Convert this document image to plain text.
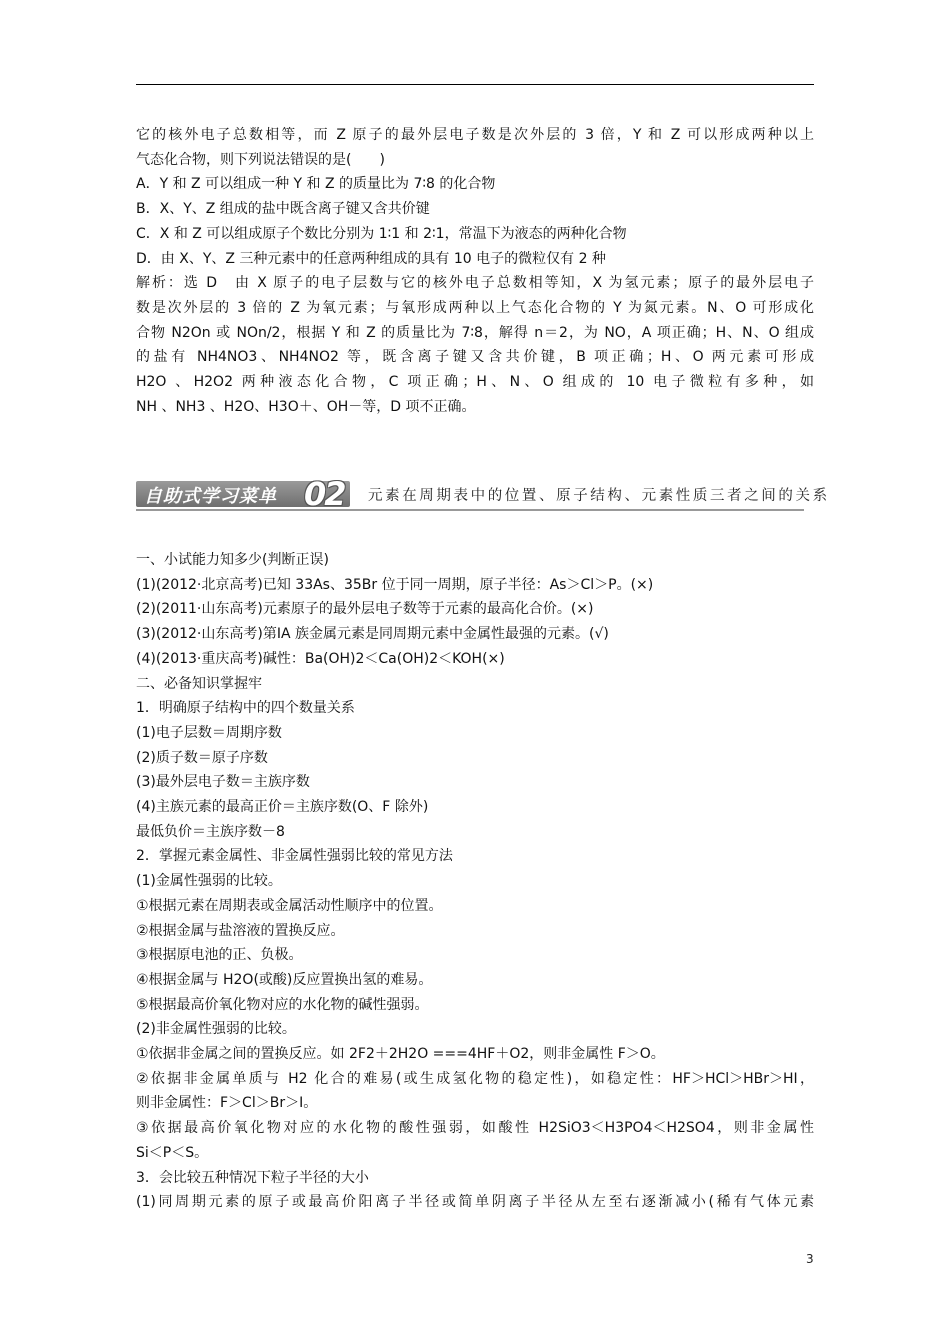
它的核外电子总数相等，而 Z 原子的最外层电子数是次外层的 3 倍，Y 和 Z 可以形成两种以上

气态化合物，则下列说法错误的是(　　)

A．Y 和 Z 可以组成一种 Y 和 Z 的质量比为 7∶8 的化合物

B．X、Y、Z 组成的盐中既含离子键又含共价键

C．X 和 Z 可以组成原子个数比分别为 1∶1 和 2∶1，常温下为液态的两种化合物

D．由 X、Y、Z 三种元素中的任意两种组成的具有 10 电子的微粒仅有 2 种

解析：选 D　由 X 原子的电子层数与它的核外电子总数相等知，X 为氢元素；原子的最外层电子

数是次外层的 3 倍的 Z 为氧元素；与氧形成两种以上气态化合物的 Y 为氮元素。N、O 可形成化

合物 N2On 或 NOn/2，根据 Y 和 Z 的质量比为 7∶8，解得 n＝2，为 NO，A 项正确；H、N、O 组成

的盐有 NH4NO3、NH4NO2 等，既含离子键又含共价键，B 项正确；H、O 两元素可形成

H2O 、H2O2 两种液态化合物，C 项正确；H、N、O 组成的 10 电子微粒有多种，如

NH 、NH3 、H2O、H3O＋、OH－等，D 项不正确。

自助式学习菜单 02 元素在周期表中的位置、原子结构、元素性质三者之间的关系

一、小试能力知多少(判断正误)

(1)(2012·北京高考)已知 33As、35Br 位于同一周期，原子半径：As＞Cl＞P。(×)

(2)(2011·山东高考)元素原子的最外层电子数等于元素的最高化合价。(×)

(3)(2012·山东高考)第ⅠA 族金属元素是同周期元素中金属性最强的元素。(√)

(4)(2013·重庆高考)碱性：Ba(OH)2＜Ca(OH)2＜KOH(×)

二、必备知识掌握牢

1．明确原子结构中的四个数量关系

(1)电子层数＝周期序数

(2)质子数＝原子序数

(3)最外层电子数＝主族序数

(4)主族元素的最高正价＝主族序数(O、F 除外)

最低负价＝主族序数－8

2．掌握元素金属性、非金属性强弱比较的常见方法

(1)金属性强弱的比较。

①根据元素在周期表或金属活动性顺序中的位置。

②根据金属与盐溶液的置换反应。

③根据原电池的正、负极。

④根据金属与 H2O(或酸)反应置换出氢的难易。

⑤根据最高价氧化物对应的水化物的碱性强弱。

(2)非金属性强弱的比较。

①依据非金属之间的置换反应。如 2F2＋2H2O ===4HF＋O2，则非金属性 F＞O。

②依据非金属单质与 H2 化合的难易(或生成氢化物的稳定性)，如稳定性：HF＞HCl＞HBr＞HI，

则非金属性：F＞Cl＞Br＞I。

③依据最高价氧化物对应的水化物的酸性强弱，如酸性 H2SiO3＜H3PO4＜H2SO4，则非金属性

Si＜P＜S。

3．会比较五种情况下粒子半径的大小

(1)同周期元素的原子或最高价阳离子半径或简单阴离子半径从左至右逐渐减小(稀有气体元素

3
